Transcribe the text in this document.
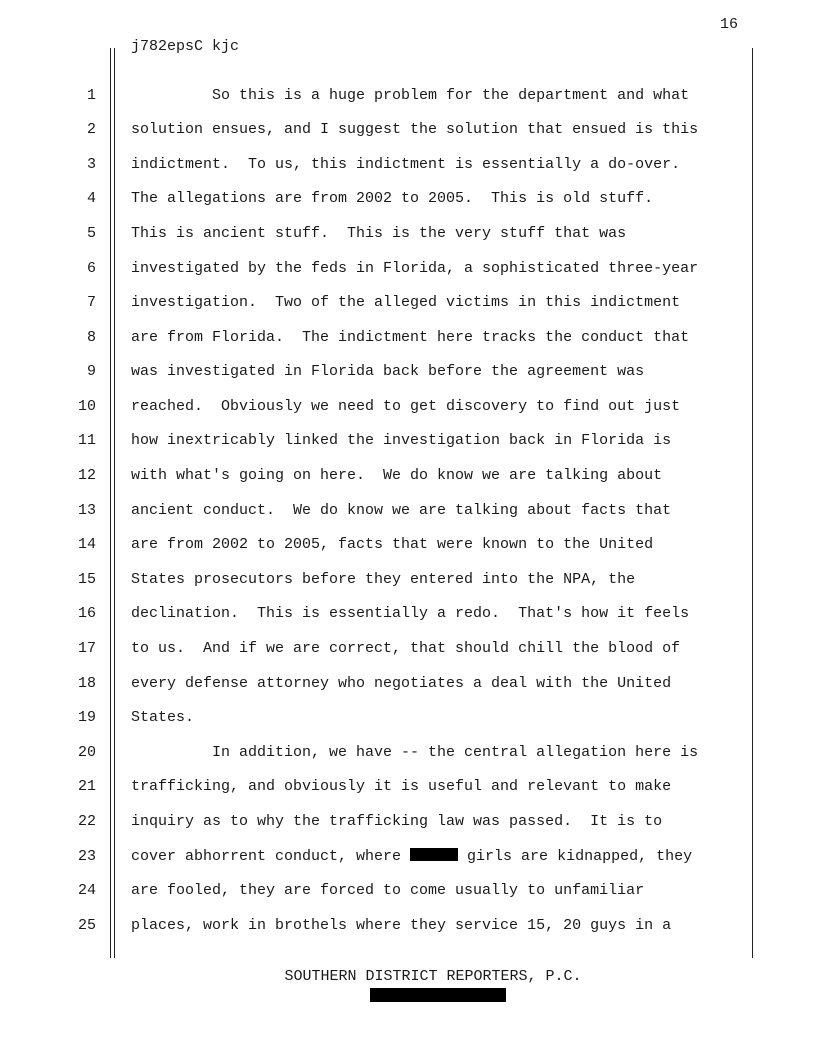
16
j782epsC kjc
1 So this is a huge problem for the department and what
2 solution ensues, and I suggest the solution that ensued is this
3 indictment.  To us, this indictment is essentially a do-over.
4 The allegations are from 2002 to 2005.  This is old stuff.
5 This is ancient stuff.  This is the very stuff that was
6 investigated by the feds in Florida, a sophisticated three-year
7 investigation.  Two of the alleged victims in this indictment
8 are from Florida.  The indictment here tracks the conduct that
9 was investigated in Florida back before the agreement was
10 reached.  Obviously we need to get discovery to find out just
11 how inextricably linked the investigation back in Florida is
12 with what's going on here.  We do know we are talking about
13 ancient conduct.  We do know we are talking about facts that
14 are from 2002 to 2005, facts that were known to the United
15 States prosecutors before they entered into the NPA, the
16 declination.  This is essentially a redo.  That's how it feels
17 to us.  And if we are correct, that should chill the blood of
18 every defense attorney who negotiates a deal with the United
19 States.
20 In addition, we have -- the central allegation here is
21 trafficking, and obviously it is useful and relevant to make
22 inquiry as to why the trafficking law was passed.  It is to
23 cover abhorrent conduct, where	girls are kidnapped, they
24 are fooled, they are forced to come usually to unfamiliar
25 places, work in brothels where they service 15, 20 guys in a
SOUTHERN DISTRICT REPORTERS, P.C.
